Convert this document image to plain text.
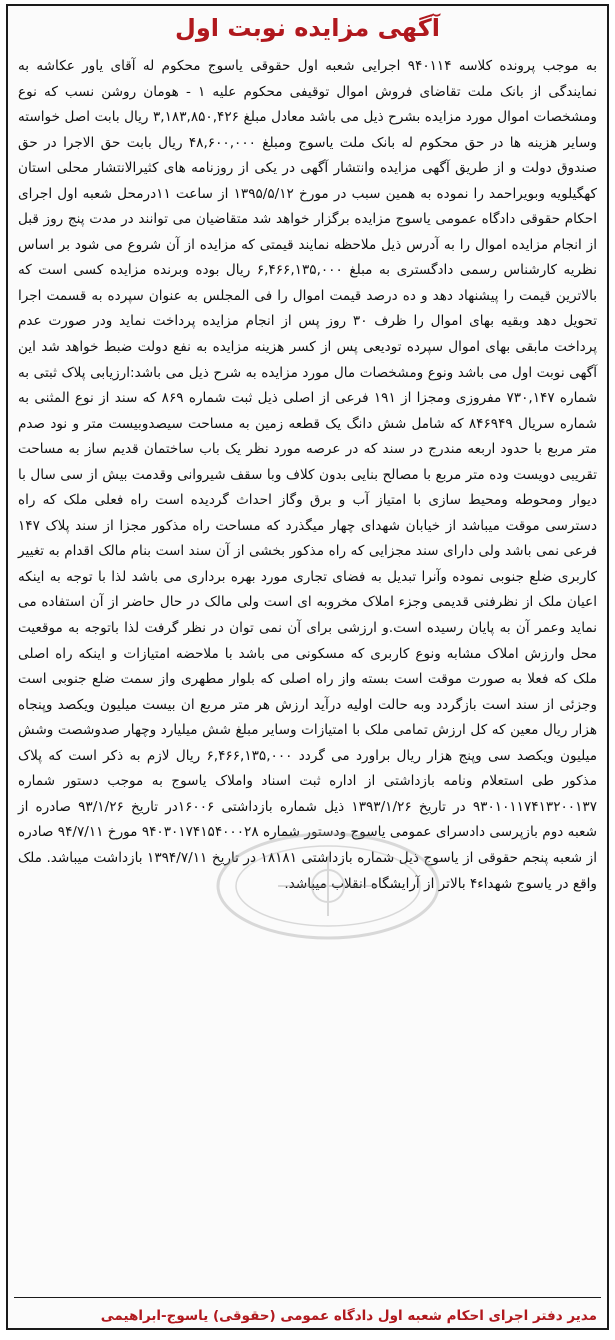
آگهی مزایده نوبت اول
به موجب پرونده کلاسه ۹۴۰۱۱۴ اجرایی شعبه اول حقوقی یاسوج محکوم له آقای یاور عکاشه به نمایندگی از بانک ملت تقاضای فروش اموال توقیفی محکوم علیه ۱ - هومان روشن نسب که نوع ومشخصات اموال مورد مزایده بشرح ذیل می باشد معادل مبلغ ۳,۱۸۳,۸۵۰,۴۲۶ ریال بابت اصل خواسته وسایر هزینه ها در حق محکوم له بانک ملت یاسوج ومبلغ ۴۸,۶۰۰,۰۰۰ ریال بابت حق الاجرا در حق صندوق دولت و از طریق آگهی مزایده وانتشار آگهی در یکی از روزنامه های کثیرالانتشار محلی استان کهگیلویه وبویراحمد را نموده به همین سبب در مورخ ۱۳۹۵/۵/۱۲ از ساعت ۱۱درمحل شعبه اول اجرای احکام حقوقی دادگاه عمومی یاسوج مزایده برگزار خواهد شد متقاضیان می توانند در مدت پنج روز قبل از انجام مزایده اموال را به آدرس ذیل ملاحظه نمایند قیمتی که مزایده از آن شروع می شود بر اساس نظریه کارشناس رسمی دادگستری به مبلغ ۶,۴۶۶,۱۳۵,۰۰۰ ریال بوده وبرنده مزایده کسی است که بالاترین قیمت را پیشنهاد دهد و ده درصد قیمت اموال را فی المجلس به عنوان سپرده به قسمت اجرا تحویل دهد وبقیه بهای اموال را ظرف ۳۰ روز پس از انجام مزایده پرداخت نماید ودر صورت عدم پرداخت مابقی بهای اموال سپرده تودیعی پس از کسر هزینه مزایده به نفع دولت ضبط خواهد شد این آگهی نوبت اول می باشد ونوع ومشخصات مال مورد مزایده به شرح ذیل می باشد:ارزیابی پلاک ثبتی به شماره ۷۳۰,۱۴۷ مفروزی ومجزا از ۱۹۱ فرعی از اصلی ذیل ثبت شماره ۸۶۹ که سند از نوع المثنی به شماره سریال ۸۴۶۹۴۹ که شامل شش دانگ یک قطعه زمین به مساحت سیصدوبیست متر و نود صدم متر مربع با حدود اربعه مندرج در سند که در عرصه مورد نظر یک باب ساختمان قدیم ساز به مساحت تقریبی دویست وده متر مربع با مصالح بنایی بدون کلاف وبا سقف شیروانی وقدمت بیش از سی سال با دیوار ومحوطه ومحیط سازی با امتیاز آب و برق وگاز احداث گردیده است راه فعلی ملک که راه دسترسی موقت میباشد از خیابان شهدای چهار میگذرد که مساحت راه مذکور مجزا از سند پلاک ۱۴۷ فرعی نمی باشد ولی دارای سند مجزایی که راه مذکور بخشی از آن سند است بنام مالک اقدام به تغییر کاربری ضلع جنوبی نموده وآنرا تبدیل به فضای تجاری مورد بهره برداری می باشد لذا با توجه به اینکه اعیان ملک از نظرفنی قدیمی وجزء املاک مخروبه ای است ولی مالک در حال حاضر از آن استفاده می نماید وعمر آن به پایان رسیده است.و ارزشی برای آن نمی توان در نظر گرفت لذا باتوجه به موقعیت محل وارزش املاک مشابه ونوع کاربری که مسکونی می باشد با ملاحضه امتیازات و اینکه راه اصلی ملک که فعلا به صورت موقت است بسته واز راه اصلی که بلوار مطهری واز سمت ضلع جنوبی است وجزئی از سند است بازگردد وبه حالت اولیه درآید ارزش هر متر مربع ان بیست میلیون ویکصد وپنجاه هزار ریال معین که کل ارزش تمامی ملک با امتیازات وسایر مبلغ شش میلیارد وچهار صدوشصت وشش میلیون ویکصد سی وپنج هزار ریال براورد می گردد ۶,۴۶۶,۱۳۵,۰۰۰ ریال لازم به ذکر است که پلاک مذکور طی استعلام ونامه بازداشتی از اداره ثبت اسناد واملاک یاسوج به موجب دستور شماره ۹۳۰۱۰۱۱۷۴۱۳۲۰۰۱۳۷ در تاریخ ۱۳۹۳/۱/۲۶ ذیل شماره بازداشتی ۱۶۰۰۶در تاریخ ۹۳/۱/۲۶ صادره از شعبه دوم بازپرسی دادسرای عمومی یاسوج ودستور شماره ۹۴۰۳۰۱۷۴۱۵۴۰۰۰۲۸ مورخ ۹۴/۷/۱۱ صادره از شعبه پنجم حقوقی از یاسوج ذیل شماره بازداشتی ۱۸۱۸۱ در تاریخ ۱۳۹۴/۷/۱۱ بازداشت میباشد. ملک واقع در یاسوج شهداء۴ بالاتر از آرایشگاه انقلاب میباشد.
مدیر دفتر اجرای احکام شعبه اول دادگاه عمومی (حقوقی) یاسوج-ابراهیمی
